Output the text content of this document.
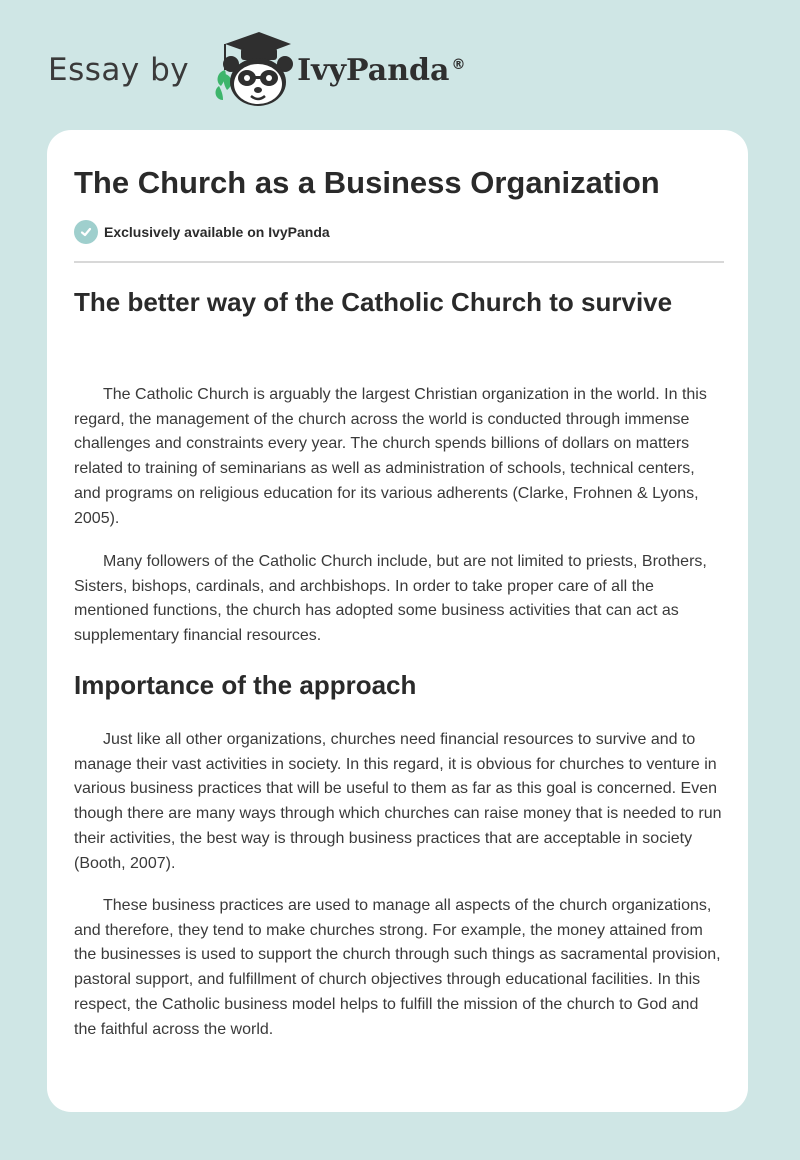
Essay by	IvyPanda ®
The Church as a Business Organization
Exclusively available on IvyPanda
The better way of the Catholic Church to survive

The Catholic Church is arguably the largest Christian organization in the world. In this regard, the management of the church across the world is conducted through immense challenges and constraints every year. The church spends billions of dollars on matters related to training of seminarians as well as administration of schools, technical centers, and programs on religious education for its various adherents (Clarke, Frohnen & Lyons, 2005).

Many followers of the Catholic Church include, but are not limited to priests, Brothers, Sisters, bishops, cardinals, and archbishops. In order to take proper care of all the mentioned functions, the church has adopted some business activities that can act as supplementary financial resources.

Importance of the approach

Just like all other organizations, churches need financial resources to survive and to manage their vast activities in society. In this regard, it is obvious for churches to venture in various business practices that will be useful to them as far as this goal is concerned. Even though there are many ways through which churches can raise money that is needed to run their activities, the best way is through business practices that are acceptable in society (Booth, 2007).

These business practices are used to manage all aspects of the church organizations, and therefore, they tend to make churches strong. For example, the money attained from the businesses is used to support the church through such things as sacramental provision, pastoral support, and fulfillment of church objectives through educational facilities. In this respect, the Catholic business model helps to fulfill the mission of the church to God and the faithful across the world.
